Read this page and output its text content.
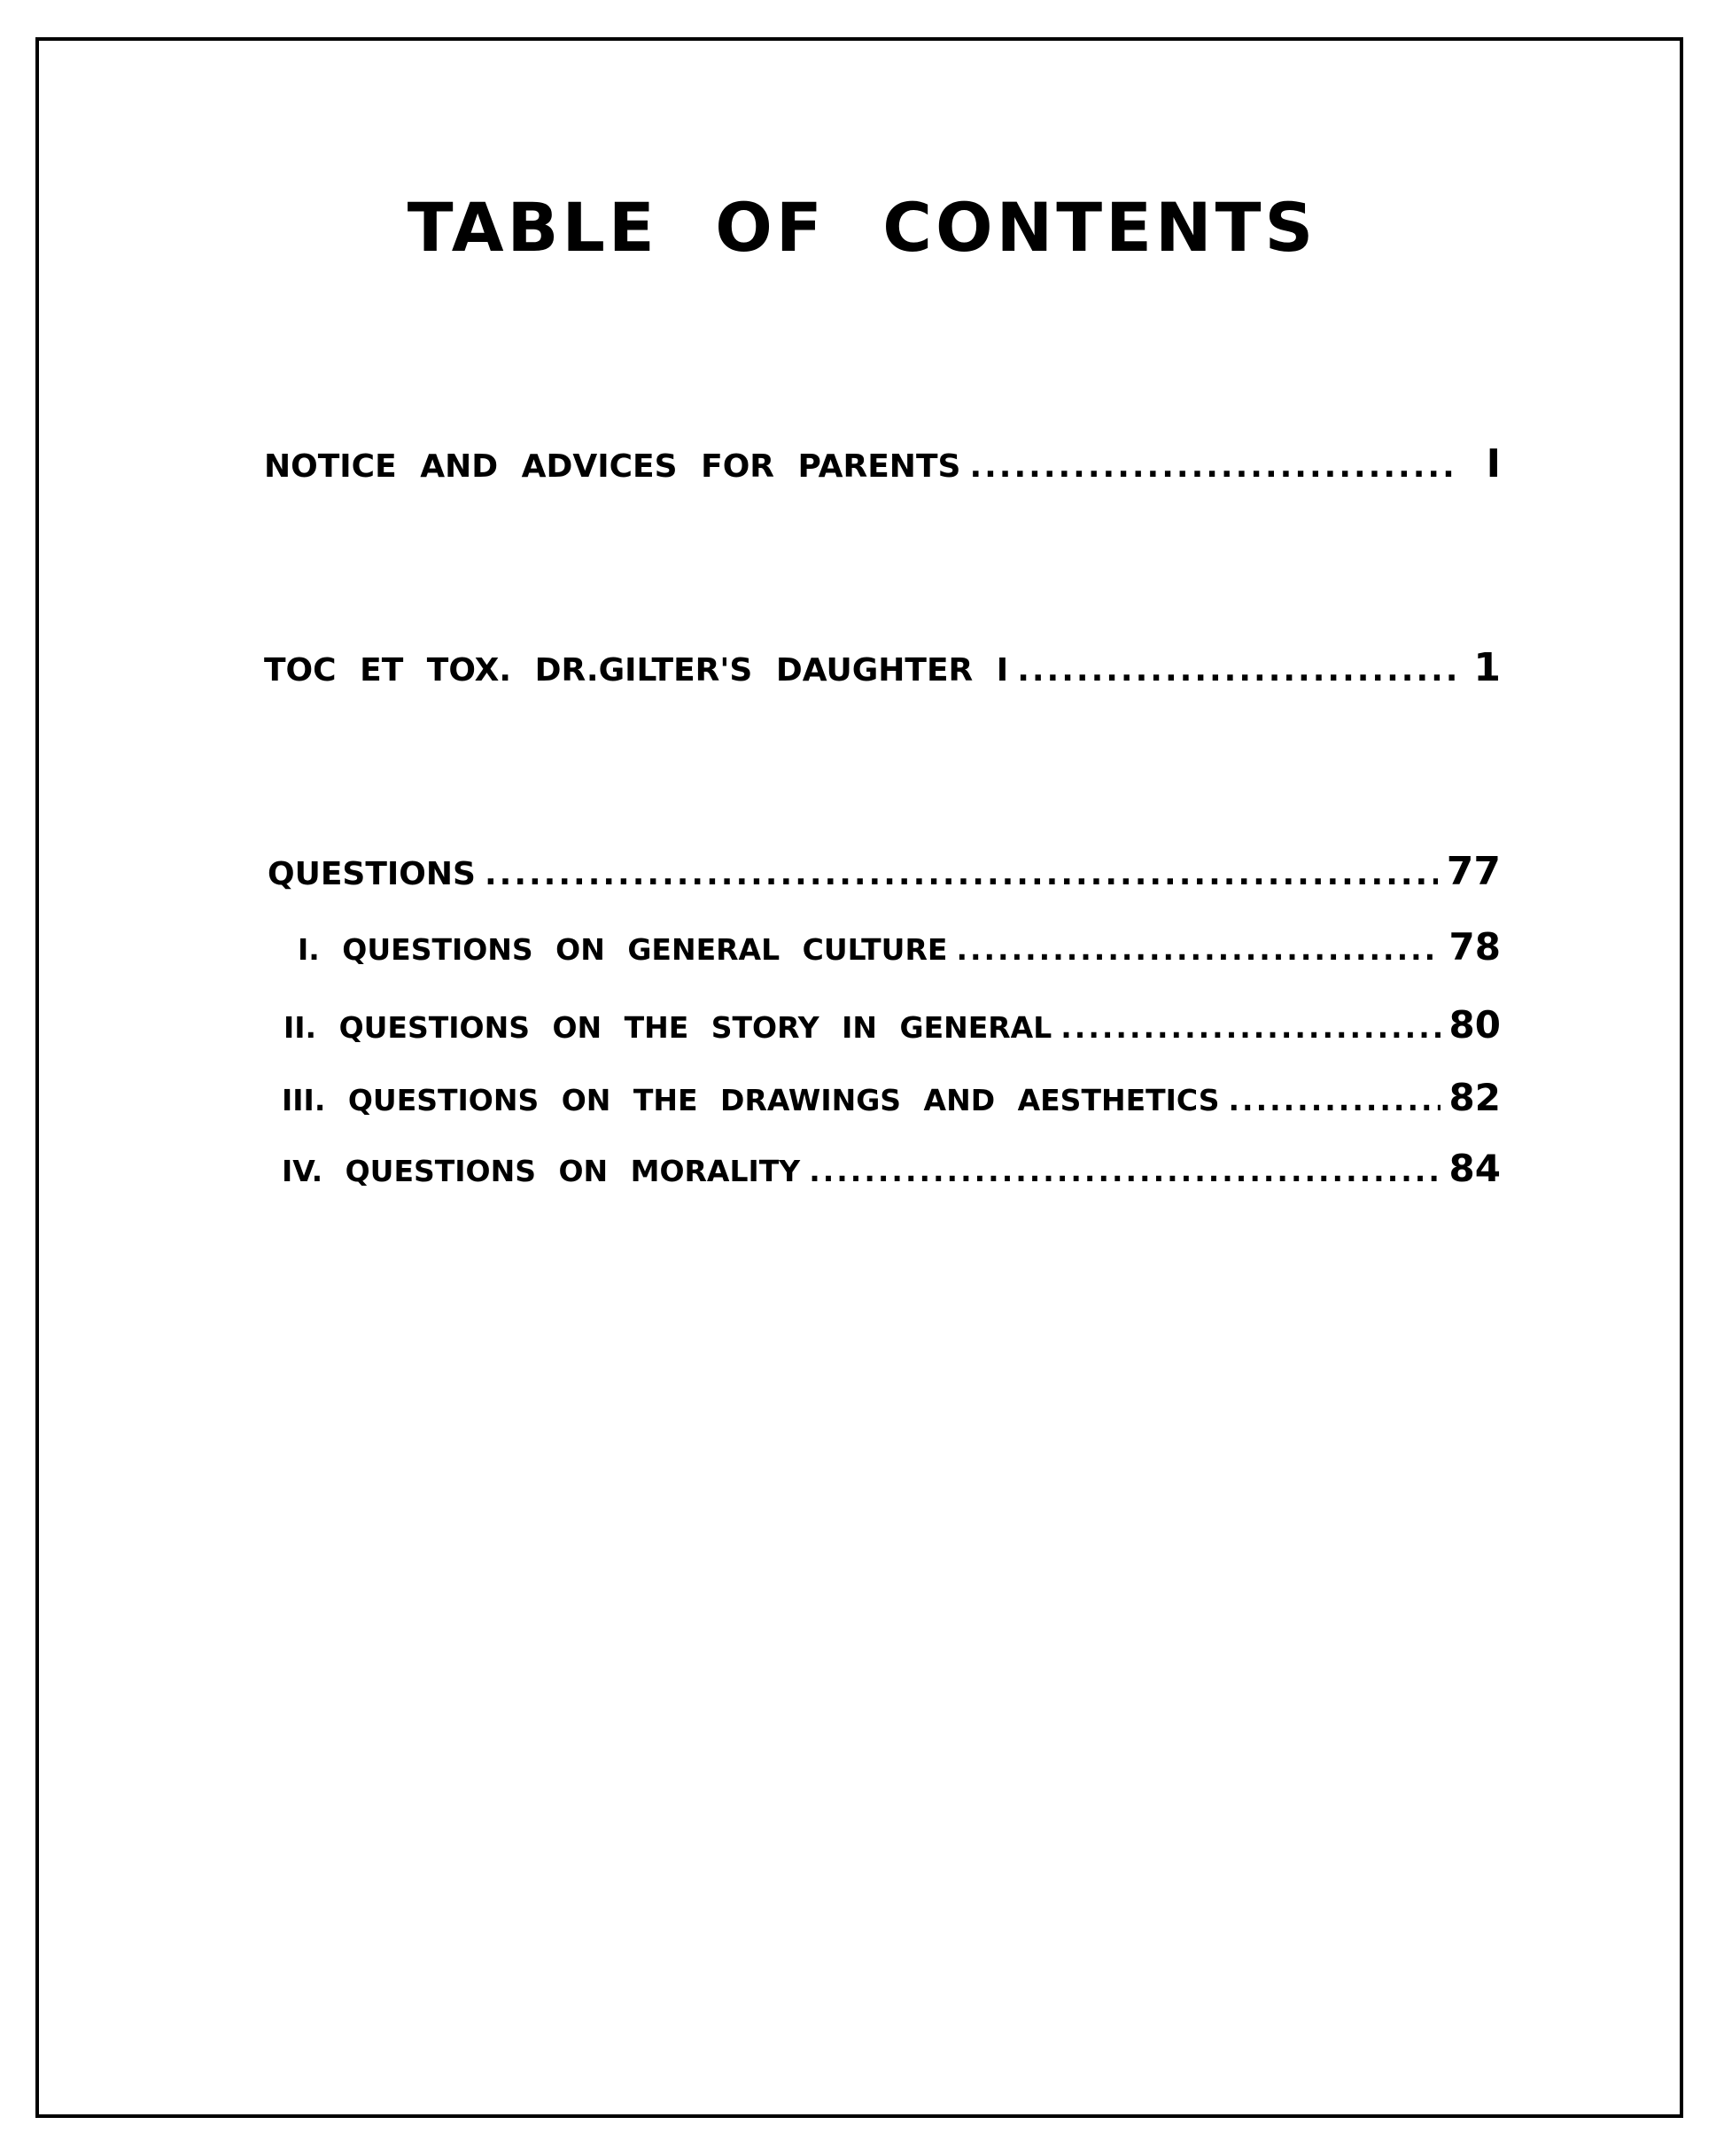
TABLE OF CONTENTS
NOTICE AND ADVICES FOR PARENTS .....	I
TOC ET TOX. DR.GILTER'S DAUGHTER I .....	1
QUESTIONS .....	77
I. QUESTIONS ON GENERAL CULTURE .....	78
II. QUESTIONS ON THE STORY IN GENERAL .....	80
III. QUESTIONS ON THE DRAWINGS AND AESTHETICS .....	82
IV. QUESTIONS ON MORALITY .....	84
